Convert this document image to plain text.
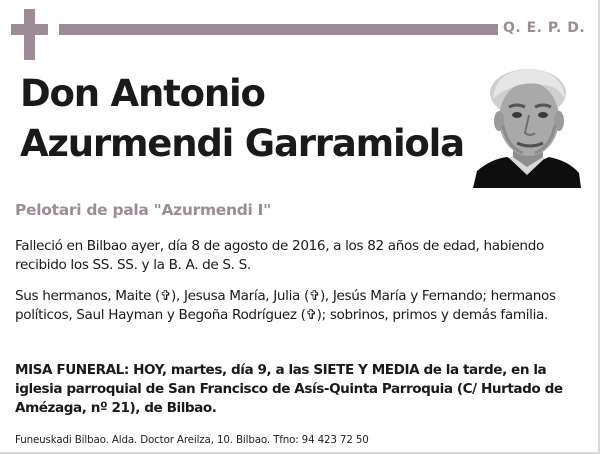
Q. E. P. D.
Don Antonio
Azurmendi Garramiola
Pelotari de pala "Azurmendi I"
Falleció en Bilbao ayer, día 8 de agosto de 2016, a los 82 años de edad, habiendo recibido los SS. SS. y la B. A. de S. S.
Sus hermanos, Maite (✞), Jesusa María, Julia (✞), Jesús María y Fernando; hermanos políticos, Saul Hayman y Begoña Rodríguez (✞); sobrinos, primos y demás familia.
MISA FUNERAL: HOY, martes, día 9, a las SIETE Y MEDIA de la tarde, en la iglesia parroquial de San Francisco de Asís-Quinta Parroquia (C/ Hurtado de Amézaga, nº 21), de Bilbao.
Funeuskadi Bilbao. Alda. Doctor Areilza, 10. Bilbao. Tfno: 94 423 72 50
